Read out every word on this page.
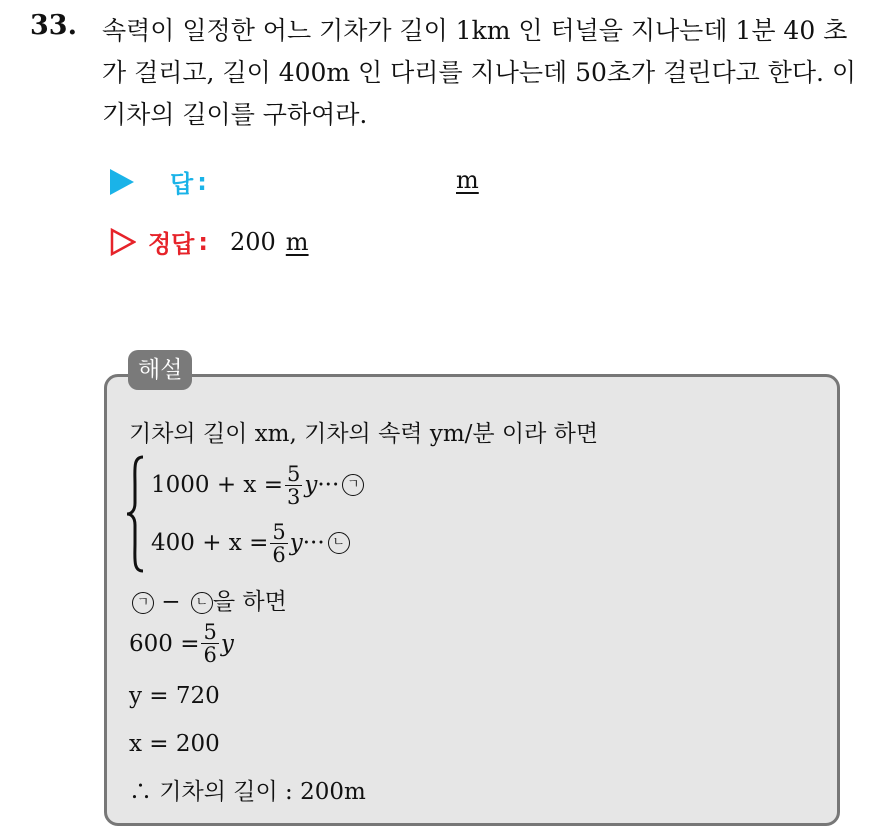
33. 속력이 일정한 어느 기차가 길이 1km 인 터널을 지나는데 1분 40 초가 걸리고, 길이 400m 인 다리를 지나는데 50초가 걸린다고 한다. 이 기차의 길이를 구하여라.

답 :	m
정답 : 200 m
해설
기차의 길이 xm, 기차의 속력 ym/분 이라 하면
$1000 + x = \frac{5}{3}$ y ··· ㄱ
$400 + x = \frac{5}{6}$ y ··· ㄴ
ㄱ − ㄴ 을 하면
$600 = \frac{5}{6}$ y
y = 720
x = 200
∴ 기차의 길이 : 200m
